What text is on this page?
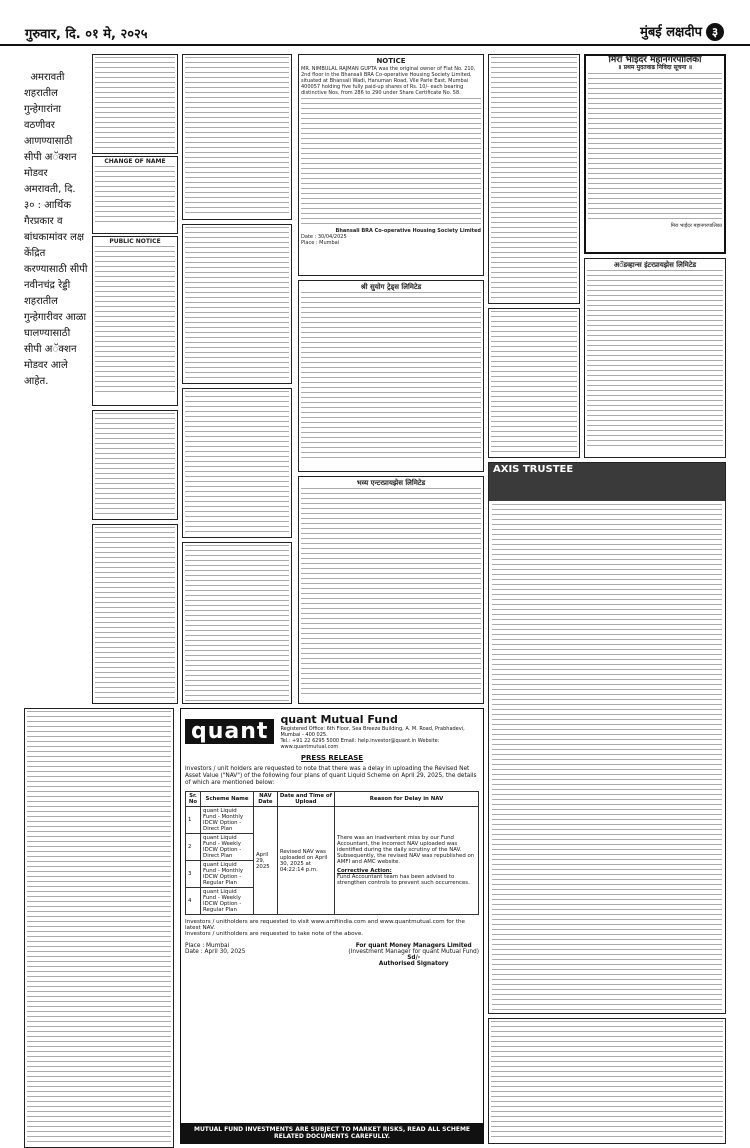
गुरुवार, दि. ०१ मे, २०२५	मुंबई लक्षदीप ३

अमरावती शहरातील गुन्हेगारांना वठणीवर आणण्यासाठी सीपी अॅक्शन मोडवर अमरावती, दि. ३० : आर्थिक गैरप्रकार व बांधकामांवर लक्ष केंद्रित करण्यासाठी सीपी नवीनचंद्र रेड्डी शहरातील गुन्हेगारीवर आळा घालण्यासाठी सीपी अॅक्शन मोडवर आले आहेत.

CHANGE OF NAME
PUBLIC NOTICE
NOTICE
MR. NIMBULAL RAJMAN GUPTA was the original owner of Flat No. 210, 2nd floor in the Bhansali BRA Co-operative Housing Society Limited, situated at Bhansali Wadi, Hanuman Road, Vile Parle East, Mumbai 400057 holding five fully paid-up shares of Rs. 10/- each bearing distinctive Nos. from 286 to 290 under Share Certificate No. 58.
Bhansali BRA Co-operative Housing Society Limited
Date : 30/04/2025
Place : Mumbai
श्री सुयोग ट्रेड्स लिमिटेड
भव्य एन्टरप्रायझेस लिमिटेड
मिरा भाईंदर महानगरपालिका
॥ प्रथम मुदतवाढ निविदा सूचना ॥
मिरा भाईंदर महानगरपालिका
अॅडव्हान्स इंटरप्रायझेस लिमिटेड
AXIS TRUSTEE
quant	quant Mutual Fund
Registered Office: 6th Floor, Sea Breeze Building, A. M. Road, Prabhadevi, Mumbai - 400 025.
Tel.: +91 22 6295 5000 Email: help.investor@quant.in Website: www.quantmutual.com
PRESS RELEASE
Investors / unit holders are requested to note that there was a delay in uploading the Revised Net Asset Value ("NAV") of the following four plans of quant Liquid Scheme on April 29, 2025, the details of which are mentioned below:
Sr. No	Scheme Name	NAV Date	Date and Time of Upload	Reason for Delay in NAV
1	quant Liquid Fund - Monthly IDCW Option - Direct Plan	April 29, 2025	Revised NAV was uploaded on April 30, 2025 at 04:22:14 p.m.	There was an inadvertent miss by our Fund Accountant, the incorrect NAV uploaded was identified during the daily scrutiny of the NAV. Subsequently, the revised NAV was republished on AMFI and AMC website.
Corrective Action:
Fund Accountant team has been advised to strengthen controls to prevent such occurrences.

2	quant Liquid Fund - Weekly IDCW Option - Direct Plan			
3	quant Liquid Fund - Monthly IDCW Option - Regular Plan			
4	quant Liquid Fund - Weekly IDCW Option - Regular Plan			
Investors / unitholders are requested to visit www.amfiindia.com and www.quantmutual.com for the latest NAV.
Investors / unitholders are requested to take note of the above.
Place : Mumbai
Date : April 30, 2025
For quant Money Managers Limited
(Investment Manager for quant Mutual Fund)
Sd/-
Authorised Signatory
MUTUAL FUND INVESTMENTS ARE SUBJECT TO MARKET RISKS, READ ALL SCHEME RELATED DOCUMENTS CAREFULLY.
